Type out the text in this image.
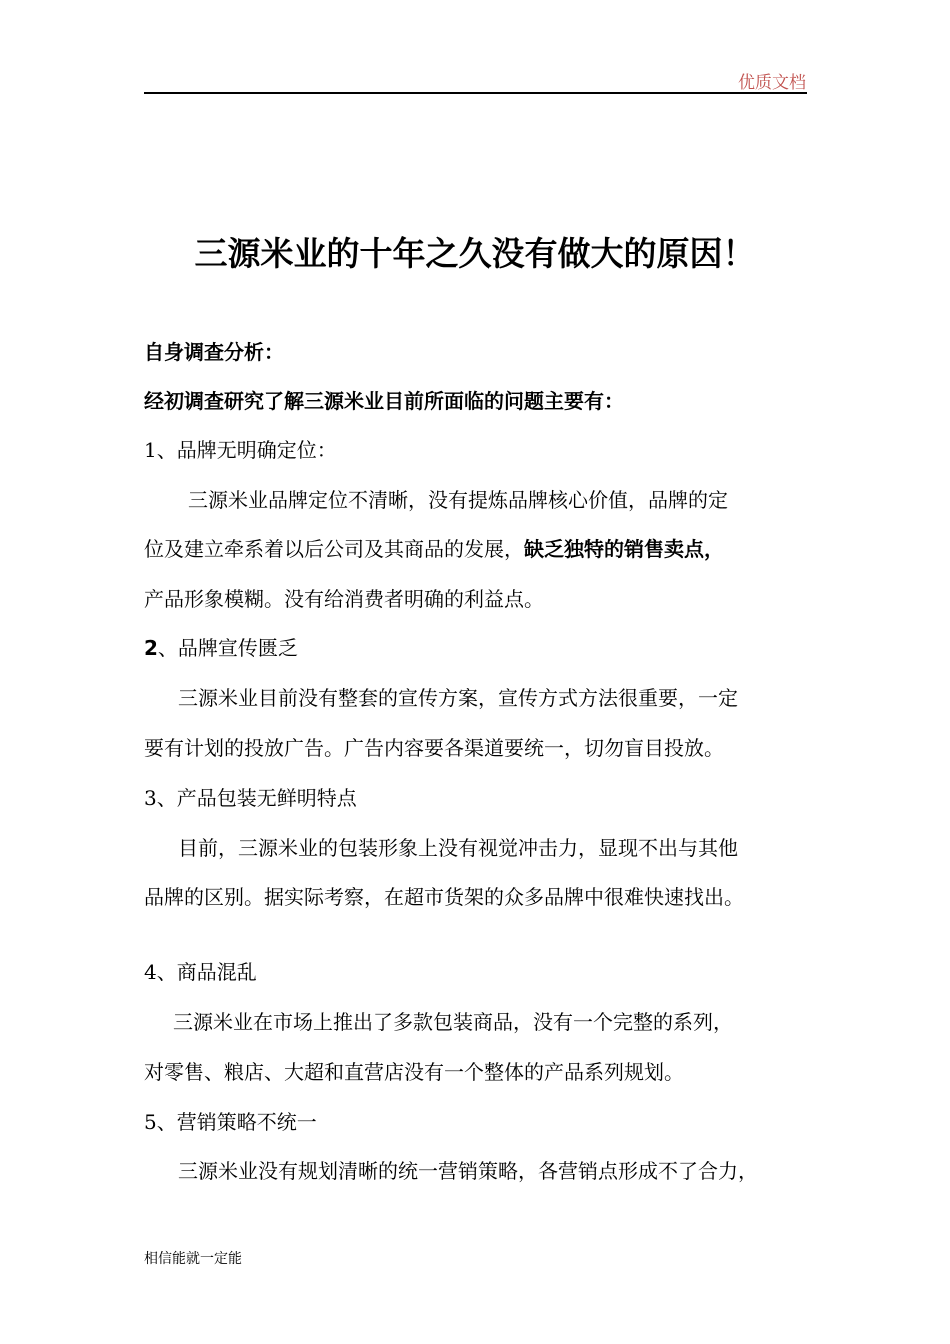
优质文档
三源米业的十年之久没有做大的原因！
自身调查分析：
经初调查研究了解三源米业目前所面临的问题主要有：
1、品牌无明确定位：
三源米业品牌定位不清晰，没有提炼品牌核心价值，品牌的定
位及建立牵系着以后公司及其商品的发展，缺乏独特的销售卖点，
产品形象模糊。没有给消费者明确的利益点。
2、品牌宣传匮乏
三源米业目前没有整套的宣传方案，宣传方式方法很重要，一定
要有计划的投放广告。广告内容要各渠道要统一，切勿盲目投放。
3、产品包装无鲜明特点
目前，三源米业的包装形象上没有视觉冲击力，显现不出与其他
品牌的区别。据实际考察，在超市货架的众多品牌中很难快速找出。
4、商品混乱
三源米业在市场上推出了多款包装商品，没有一个完整的系列，
对零售、粮店、大超和直营店没有一个整体的产品系列规划。
5、营销策略不统一
三源米业没有规划清晰的统一营销策略，各营销点形成不了合力，
相信能就一定能
